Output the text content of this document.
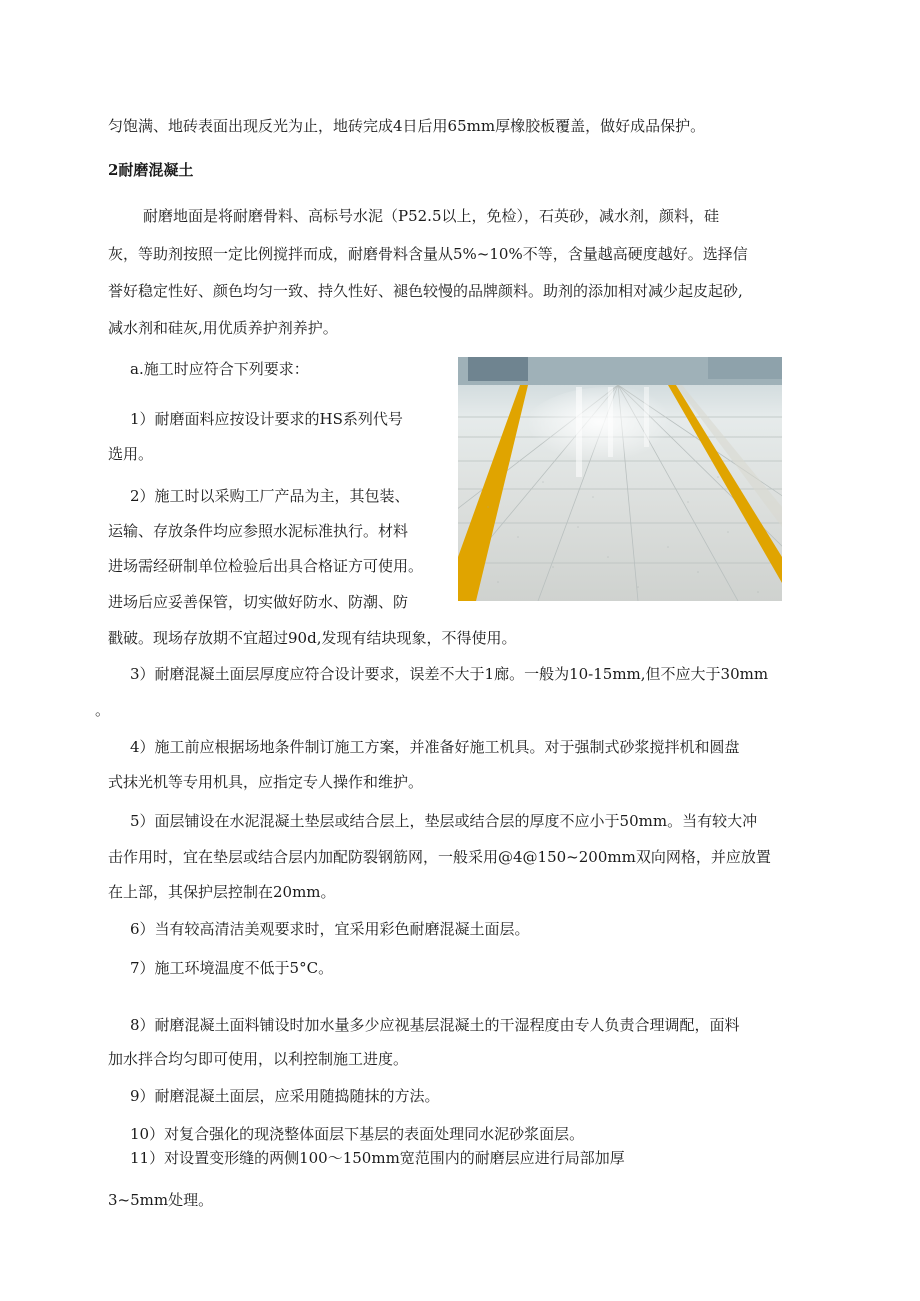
匀饱满、地砖表面出现反光为止，地砖完成4日后用65mm厚橡胶板覆盖，做好成品保护。
2耐磨混凝土
耐磨地面是将耐磨骨料、高标号水泥（P52.5以上，免检），石英砂，减水剂，颜料，硅
灰，等助剂按照一定比例搅拌而成，耐磨骨料含量从5%~10%不等，含量越高硬度越好。选择信
誉好稳定性好、颜色均匀一致、持久性好、褪色较慢的品牌颜料。助剂的添加相对减少起皮起砂,
减水剂和硅灰,用优质养护剂养护。
a.施工时应符合下列要求：
1）耐磨面料应按设计要求的HS系列代号
选用。
2）施工时以采购工厂产品为主，其包装、
运输、存放条件均应参照水泥标准执行。材料
进场需经研制单位检验后出具合格证方可使用。
进场后应妥善保管，切实做好防水、防潮、防
戳破。现场存放期不宜超过90d,发现有结块现象，不得使用。
3）耐磨混凝土面层厚度应符合设计要求，误差不大于1廊。一般为10-15mm,但不应大于30mm
。
4）施工前应根据场地条件制订施工方案，并准备好施工机具。对于强制式砂浆搅拌机和圆盘
式抹光机等专用机具，应指定专人操作和维护。
5）面层铺设在水泥混凝土垫层或结合层上，垫层或结合层的厚度不应小于50mm。当有较大冲
击作用时，宜在垫层或结合层内加配防裂钢筋网，一般采用@4@150~200mm双向网格，并应放置
在上部，其保护层控制在20mm。
6）当有较高清洁美观要求时，宜采用彩色耐磨混凝土面层。
7）施工环境温度不低于5°C。
8）耐磨混凝土面料铺设时加水量多少应视基层混凝土的干湿程度由专人负责合理调配，面料
加水拌合均匀即可使用，以利控制施工进度。
9）耐磨混凝土面层，应采用随捣随抹的方法。
10）对复合强化的现浇整体面层下基层的表面处理同水泥砂浆面层。
11）对设置变形缝的两侧100～150mm宽范围内的耐磨层应进行局部加厚
3~5mm处理。
